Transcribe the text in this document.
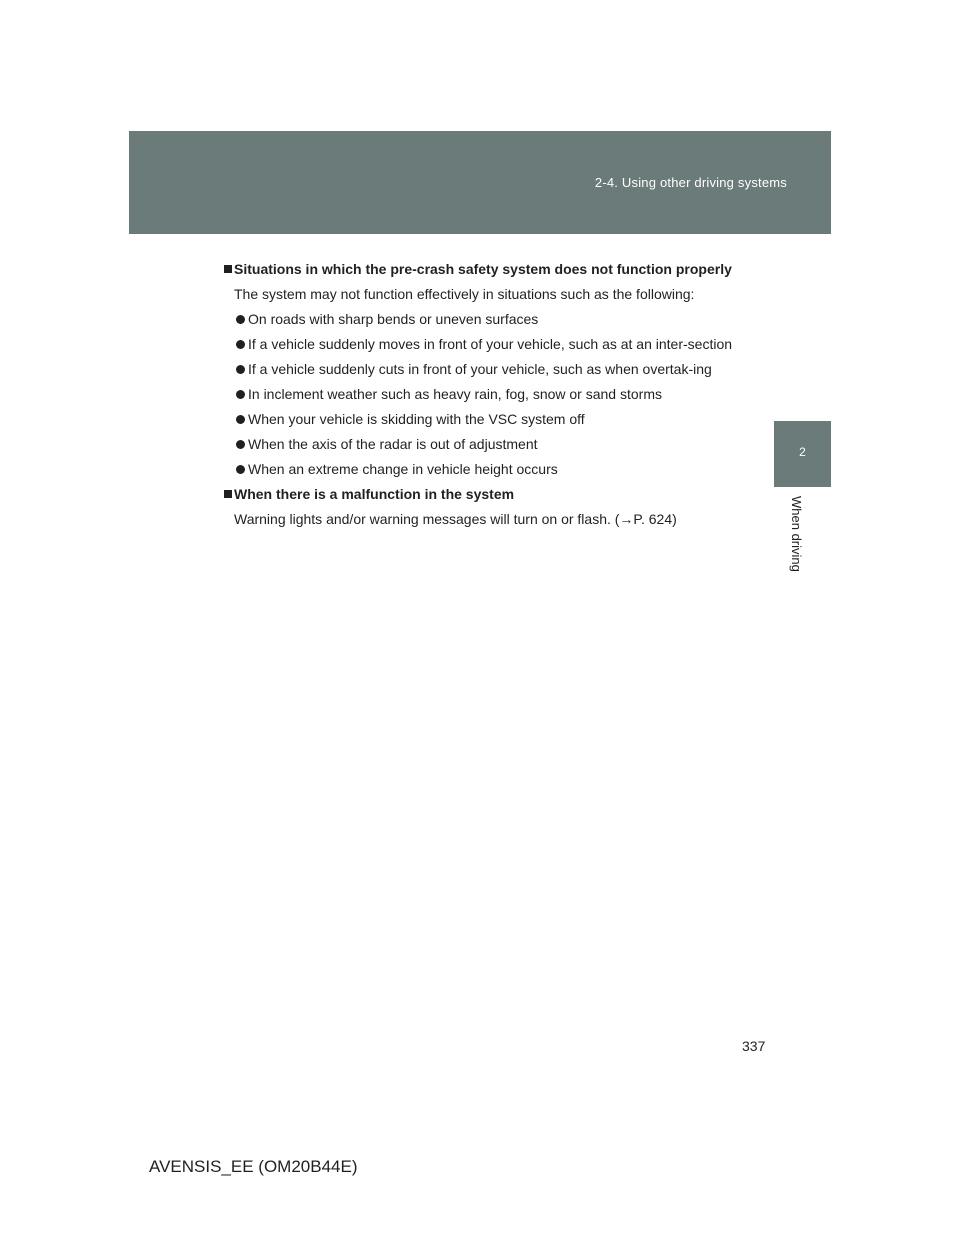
2-4. Using other driving systems
2
When driving
Situations in which the pre-crash safety system does not function properly
The system may not function effectively in situations such as the following:
On roads with sharp bends or uneven surfaces
If a vehicle suddenly moves in front of your vehicle, such as at an inter-section
If a vehicle suddenly cuts in front of your vehicle, such as when overtak-ing
In inclement weather such as heavy rain, fog, snow or sand storms
When your vehicle is skidding with the VSC system off
When the axis of the radar is out of adjustment
When an extreme change in vehicle height occurs
When there is a malfunction in the system
Warning lights and/or warning messages will turn on or flash. (→P. 624)
337
AVENSIS_EE (OM20B44E)
